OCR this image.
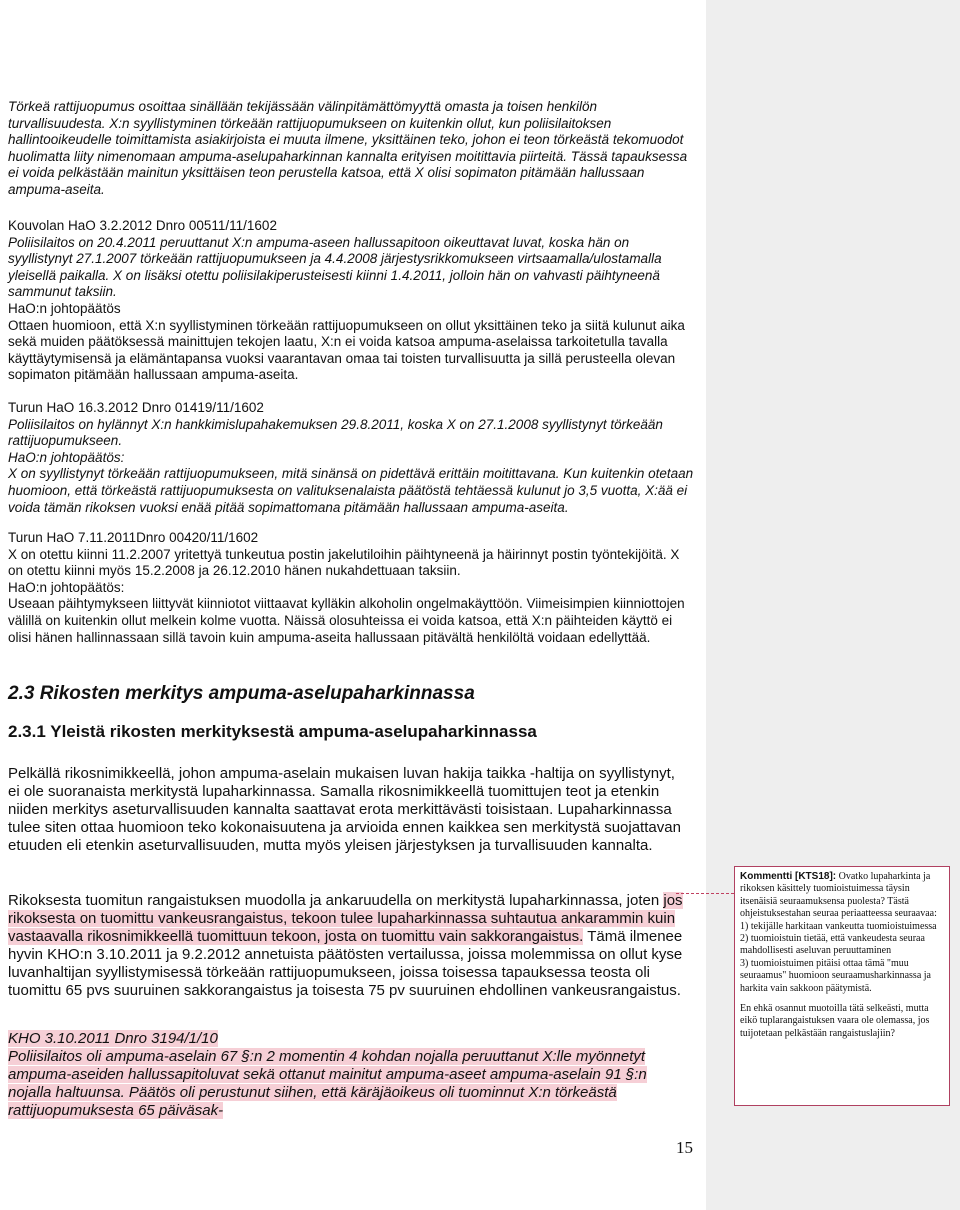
Törkeä rattijuopumus osoittaa sinällään tekijässään välinpitämättömyyttä omasta ja toisen henkilön turvallisuudesta. X:n syyllistyminen törkeään rattijuopumukseen on kuitenkin ollut, kun poliisilaitoksen hallintooikeudelle toimittamista asiakirjoista ei muuta ilmene, yksittäinen teko, johon ei teon törkeästä tekomuodot huolimatta liity nimenomaan ampuma-aselupaharkinnan kannalta erityisen moitittavia piirteitä. Tässä tapauksessa ei voida pelkästään mainitun yksittäisen teon perustella katsoa, että X olisi sopimaton pitämään hallussaan ampuma-aseita.

Kouvolan HaO 3.2.2012 Dnro 00511/11/1602

Poliisilaitos on 20.4.2011 peruuttanut X:n ampuma-aseen hallussapitoon oikeuttavat luvat, koska hän on syyllistynyt 27.1.2007 törkeään rattijuopumukseen ja 4.4.2008 järjestysrikkomukseen virtsaamalla/ulostamalla yleisellä paikalla. X on lisäksi otettu poliisilakiperusteisesti kiinni 1.4.2011, jolloin hän on vahvasti päihtyneenä sammunut taksiin.

HaO:n johtopäätös

Ottaen huomioon, että X:n syyllistyminen törkeään rattijuopumukseen on ollut yksittäinen teko ja siitä kulunut aika sekä muiden päätöksessä mainittujen tekojen laatu, X:n ei voida katsoa ampuma-aselaissa tarkoitetulla tavalla käyttäytymisensä ja elämäntapansa vuoksi vaarantavan omaa tai toisten turvallisuutta ja sillä perusteella olevan sopimaton pitämään hallussaan ampuma-aseita.

Turun HaO 16.3.2012 Dnro 01419/11/1602

Poliisilaitos on hylännyt X:n hankkimislupahakemuksen 29.8.2011, koska X on 27.1.2008 syyllistynyt törkeään rattijuopumukseen.

HaO:n johtopäätös:

X on syyllistynyt törkeään rattijuopumukseen, mitä sinänsä on pidettävä erittäin moitittavana. Kun kuitenkin otetaan huomioon, että törkeästä rattijuopumuksesta on valituksenalaista päätöstä tehtäessä kulunut jo 3,5 vuotta, X:ää ei voida tämän rikoksen vuoksi enää pitää sopimattomana pitämään hallussaan ampuma-aseita.

Turun HaO 7.11.2011Dnro 00420/11/1602

X on otettu kiinni 11.2.2007 yritettyä tunkeutua postin jakelutiloihin päihtyneenä ja häirinnyt postin työntekijöitä. X on otettu kiinni myös 15.2.2008 ja 26.12.2010 hänen nukahdettuaan taksiin.

HaO:n johtopäätös:

Useaan päihtymykseen liittyvät kiinniotot viittaavat kylläkin alkoholin ongelmakäyttöön. Viimeisimpien kiinniottojen välillä on kuitenkin ollut melkein kolme vuotta. Näissä olosuhteissa ei voida katsoa, että X:n päihteiden käyttö ei olisi hänen hallinnassaan sillä tavoin kuin ampuma-aseita hallussaan pitävältä henkilöltä voidaan edellyttää.

2.3 Rikosten merkitys ampuma-aselupaharkinnassa
2.3.1 Yleistä rikosten merkityksestä ampuma-aselupaharkinnassa

Pelkällä rikosnimikkeellä, johon ampuma-aselain mukaisen luvan hakija taikka -haltija on syyllistynyt, ei ole suoranaista merkitystä lupaharkinnassa. Samalla rikosnimikkeellä tuomittujen teot ja etenkin niiden merkitys aseturvallisuuden kannalta saattavat erota merkittävästi toisistaan. Lupaharkinnassa tulee siten ottaa huomioon teko kokonaisuutena ja arvioida ennen kaikkea sen merkitystä suojattavan etuuden eli etenkin aseturvallisuuden, mutta myös yleisen järjestyksen ja turvallisuuden kannalta.

Rikoksesta tuomitun rangaistuksen muodolla ja ankaruudella on merkitystä lupaharkinnassa, joten jos rikoksesta on tuomittu vankeusrangaistus, tekoon tulee lupaharkinnassa suhtautua ankarammin kuin vastaavalla rikosnimikkeellä tuomittuun tekoon, josta on tuomittu vain sakkorangaistus. Tämä ilmenee hyvin KHO:n 3.10.2011 ja 9.2.2012 annetuista päätösten vertailussa, joissa molemmissa on ollut kyse luvanhaltijan syyllistymisessä törkeään rattijuopumukseen, joissa toisessa tapauksessa teosta oli tuomittu 65 pvs suuruinen sakkorangaistus ja toisesta 75 pv suuruinen ehdollinen vankeusrangaistus.

KHO 3.10.2011 Dnro 3194/1/10

Poliisilaitos oli ampuma-aselain 67 §:n 2 momentin 4 kohdan nojalla peruuttanut X:lle myönnetyt ampuma-aseiden hallussapitoluvat sekä ottanut mainitut ampuma-aseet ampuma-aselain 91 §:n nojalla haltuunsa. Päätös oli perustunut siihen, että käräjäoikeus oli tuominnut X:n törkeästä rattijuopumuksesta 65 päiväsak-

15
Kommentti [KTS18]: Ovatko lupaharkinta ja rikoksen käsittely tuomioistuimessa täysin itsenäisiä seuraamuksensa puolesta? Tästä ohjeistuksestahan seuraa periaatteessa seuraavaa:
1) tekijälle harkitaan vankeutta tuomioistuimessa
2) tuomioistuin tietää, että vankeudesta seuraa mahdollisesti aseluvan peruuttaminen
3) tuomioistuimen pitäisi ottaa tämä "muu seuraamus" huomioon seuraamusharkinnassa ja harkita vain sakkoon päätymistä.
En ehkä osannut muotoilla tätä selkeästi, mutta eikö tuplarangaistuksen vaara ole olemassa, jos tuijotetaan pelkästään rangaistuslajiin?
